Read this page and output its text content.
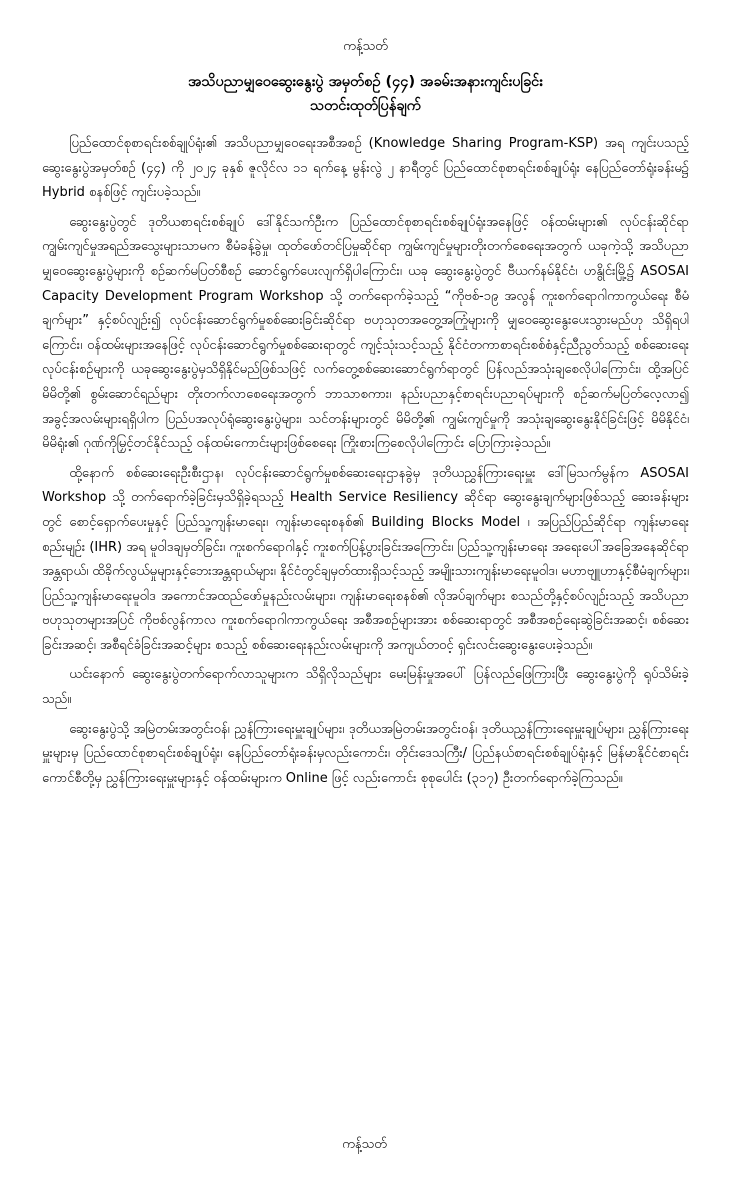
ကန့်သတ်

အသိပညာမျှဝေဆွေးနွေးပွဲ အမှတ်စဉ် (၄၄) အခမ်းအနားကျင်းပခြင်း

သတင်းထုတ်ပြန်ချက်

ပြည်ထောင်စုစာရင်းစစ်ချုပ်ရုံး၏ အသိပညာမျှဝေရေးအစီအစဉ် (Knowledge Sharing Program-KSP) အရ ကျင်းပသည့် ဆွေးနွေးပွဲအမှတ်စဉ် (၄၄) ကို ၂၀၂၄ ခုနှစ် ဇူလိုင်လ ၁၁ ရက်နေ့ မွန်းလွဲ ၂ နာရီတွင် ပြည်ထောင်စုစာရင်းစစ်ချုပ်ရုံး နေပြည်တော်ရုံးခန်းမ၌ Hybrid စနစ်ဖြင့် ကျင်းပခဲ့သည်။

ဆွေးနွေးပွဲတွင် ဒုတိယစာရင်းစစ်ချုပ် ဒေါ်နိုင်သက်ဦးက ပြည်ထောင်စုစာရင်းစစ်ချုပ်ရုံးအနေဖြင့် ဝန်ထမ်းများ၏ လုပ်ငန်းဆိုင်ရာ ကျွမ်းကျင်မှုအရည်အသွေးများသာမက စီမံခန့်ခွဲမှု၊ ထုတ်ဖော်တင်ပြမှုဆိုင်ရာ ကျွမ်းကျင်မှုများတိုးတက်စေရေးအတွက် ယခုကဲ့သို့ အသိပညာမျှဝေဆွေးနွေးပွဲများကို စဉ်ဆက်မပြတ်စီစဉ် ဆောင်ရွက်ပေးလျက်ရှိပါကြောင်း၊ ယခု ဆွေးနွေးပွဲတွင် ဗီယက်နမ်နိုင်ငံ၊ ဟနွိုင်းမြို့၌ ASOSAI Capacity Development Program Workshop သို့ တက်ရောက်ခဲ့သည့် “ကိုဗစ်-၁၉ အလွန် ကူးစက်ရောဂါကာကွယ်ရေး စီမံချက်များ” နှင့်စပ်လျဉ်း၍ လုပ်ငန်းဆောင်ရွက်မှုစစ်ဆေးခြင်းဆိုင်ရာ ဗဟုသုတအတွေ့အကြုံများကို မျှဝေဆွေးနွေးပေးသွားမည်ဟု သိရှိရပါကြောင်း၊ ဝန်ထမ်းများအနေဖြင့် လုပ်ငန်းဆောင်ရွက်မှုစစ်ဆေးရာတွင် ကျင့်သုံးသင့်သည့် နိုင်ငံတကာစာရင်းစစ်စံနှင့်ညီညွတ်သည့် စစ်ဆေးရေးလုပ်ငန်းစဉ်များကို ယခုဆွေးနွေးပွဲမှသိရှိနိုင်မည်ဖြစ်သဖြင့် လက်တွေ့စစ်ဆေးဆောင်ရွက်ရာတွင် ပြန်လည်အသုံးချစေလိုပါကြောင်း၊ ထို့အပြင် မိမိတို့၏ စွမ်းဆောင်ရည်များ တိုးတက်လာစေရေးအတွက် ဘာသာစကား၊ နည်းပညာနှင့်စာရင်းပညာရပ်များကို စဉ်ဆက်မပြတ်လေ့လာ၍ အခွင့်အလမ်းများရရှိပါက ပြည်ပအလုပ်ရုံဆွေးနွေးပွဲများ၊ သင်တန်းများတွင် မိမိတို့၏ ကျွမ်းကျင်မှုကို အသုံးချဆွေးနွေးနိုင်ခြင်းဖြင့် မိမိနိုင်ငံ၊ မိမိရုံး၏ ဂုဏ်ကိုမြှင့်တင်နိုင်သည့် ဝန်ထမ်းကောင်းများဖြစ်စေရေး ကြိုးစားကြစေလိုပါကြောင်း ပြောကြားခဲ့သည်။

ထို့နောက် စစ်ဆေးရေးဦးစီးဌာန၊ လုပ်ငန်းဆောင်ရွက်မှုစစ်ဆေးရေးဌာနခွဲမှ ဒုတိယညွှန်ကြားရေးမှူး ဒေါ်မြသက်မွန်က ASOSAI Workshop သို့ တက်ရောက်ခဲ့ခြင်းမှသိရှိခဲ့ရသည့် Health Service Resiliency ဆိုင်ရာ ဆွေးနွေးချက်များဖြစ်သည့် ဆေးခန်းများတွင် စောင့်ရှောက်ပေးမှုနှင့် ပြည်သူ့ကျန်းမာရေး၊ ကျန်းမာရေးစနစ်၏ Building Blocks Model ၊ အပြည်ပြည်ဆိုင်ရာ ကျန်းမာရေးစည်းမျဉ်း (IHR) အရ မူဝါဒချမှတ်ခြင်း၊ ကူးစက်ရောဂါနှင့် ကူးစက်ပြန့်ပွားခြင်းအကြောင်း၊ ပြည်သူ့ကျန်းမာရေး အရေးပေါ်အခြေအနေဆိုင်ရာ အန္တရာယ်၊ ထိခိုက်လွယ်မှုများနှင့်ဘေးအန္တရာယ်များ၊ နိုင်ငံတွင်ချမှတ်ထားရှိသင့်သည့် အမျိုးသားကျန်းမာရေးမူဝါဒ၊ မဟာဗျူဟာနှင့်စီမံချက်များ၊ ပြည်သူ့ကျန်းမာရေးမူဝါဒ အကောင်အထည်ဖော်မှုနည်းလမ်းများ၊ ကျန်းမာရေးစနစ်၏ လိုအပ်ချက်များ စသည်တို့နှင့်စပ်လျဉ်းသည့် အသိပညာဗဟုသုတများအပြင် ကိုဗစ်လွန်ကာလ ကူးစက်ရောဂါကာကွယ်ရေး အစီအစဉ်များအား စစ်ဆေးရာတွင် အစီအစဉ်ရေးဆွဲခြင်းအဆင့်၊ စစ်ဆေးခြင်းအဆင့်၊ အစီရင်ခံခြင်းအဆင့်များ စသည့် စစ်ဆေးရေးနည်းလမ်းများကို အကျယ်တဝင့် ရှင်းလင်းဆွေးနွေးပေးခဲ့သည်။

ယင်းနောက် ဆွေးနွေးပွဲတက်ရောက်လာသူများက သိရှိလိုသည်များ မေးမြန်းမှုအပေါ် ပြန်လည်ဖြေကြားပြီး ဆွေးနွေးပွဲကို ရုပ်သိမ်းခဲ့သည်။

ဆွေးနွေးပွဲသို့ အမြဲတမ်းအတွင်းဝန်၊ ညွှန်ကြားရေးမှူးချုပ်များ၊ ဒုတိယအမြဲတမ်းအတွင်းဝန်၊ ဒုတိယညွှန်ကြားရေးမှူးချုပ်များ၊ ညွှန်ကြားရေးမှူးများမှ ပြည်ထောင်စုစာရင်းစစ်ချုပ်ရုံး၊ နေပြည်တော်ရုံးခန်းမှလည်းကောင်း၊ တိုင်းဒေသကြီး/ ပြည်နယ်စာရင်းစစ်ချုပ်ရုံးနှင့် မြန်မာနိုင်ငံစာရင်းကောင်စီတို့မှ ညွှန်ကြားရေးမှူးများနှင့် ဝန်ထမ်းများက Online ဖြင့် လည်းကောင်း စုစုပေါင်း (၃၁၇) ဦးတက်ရောက်ခဲ့ကြသည်။

ကန့်သတ်
